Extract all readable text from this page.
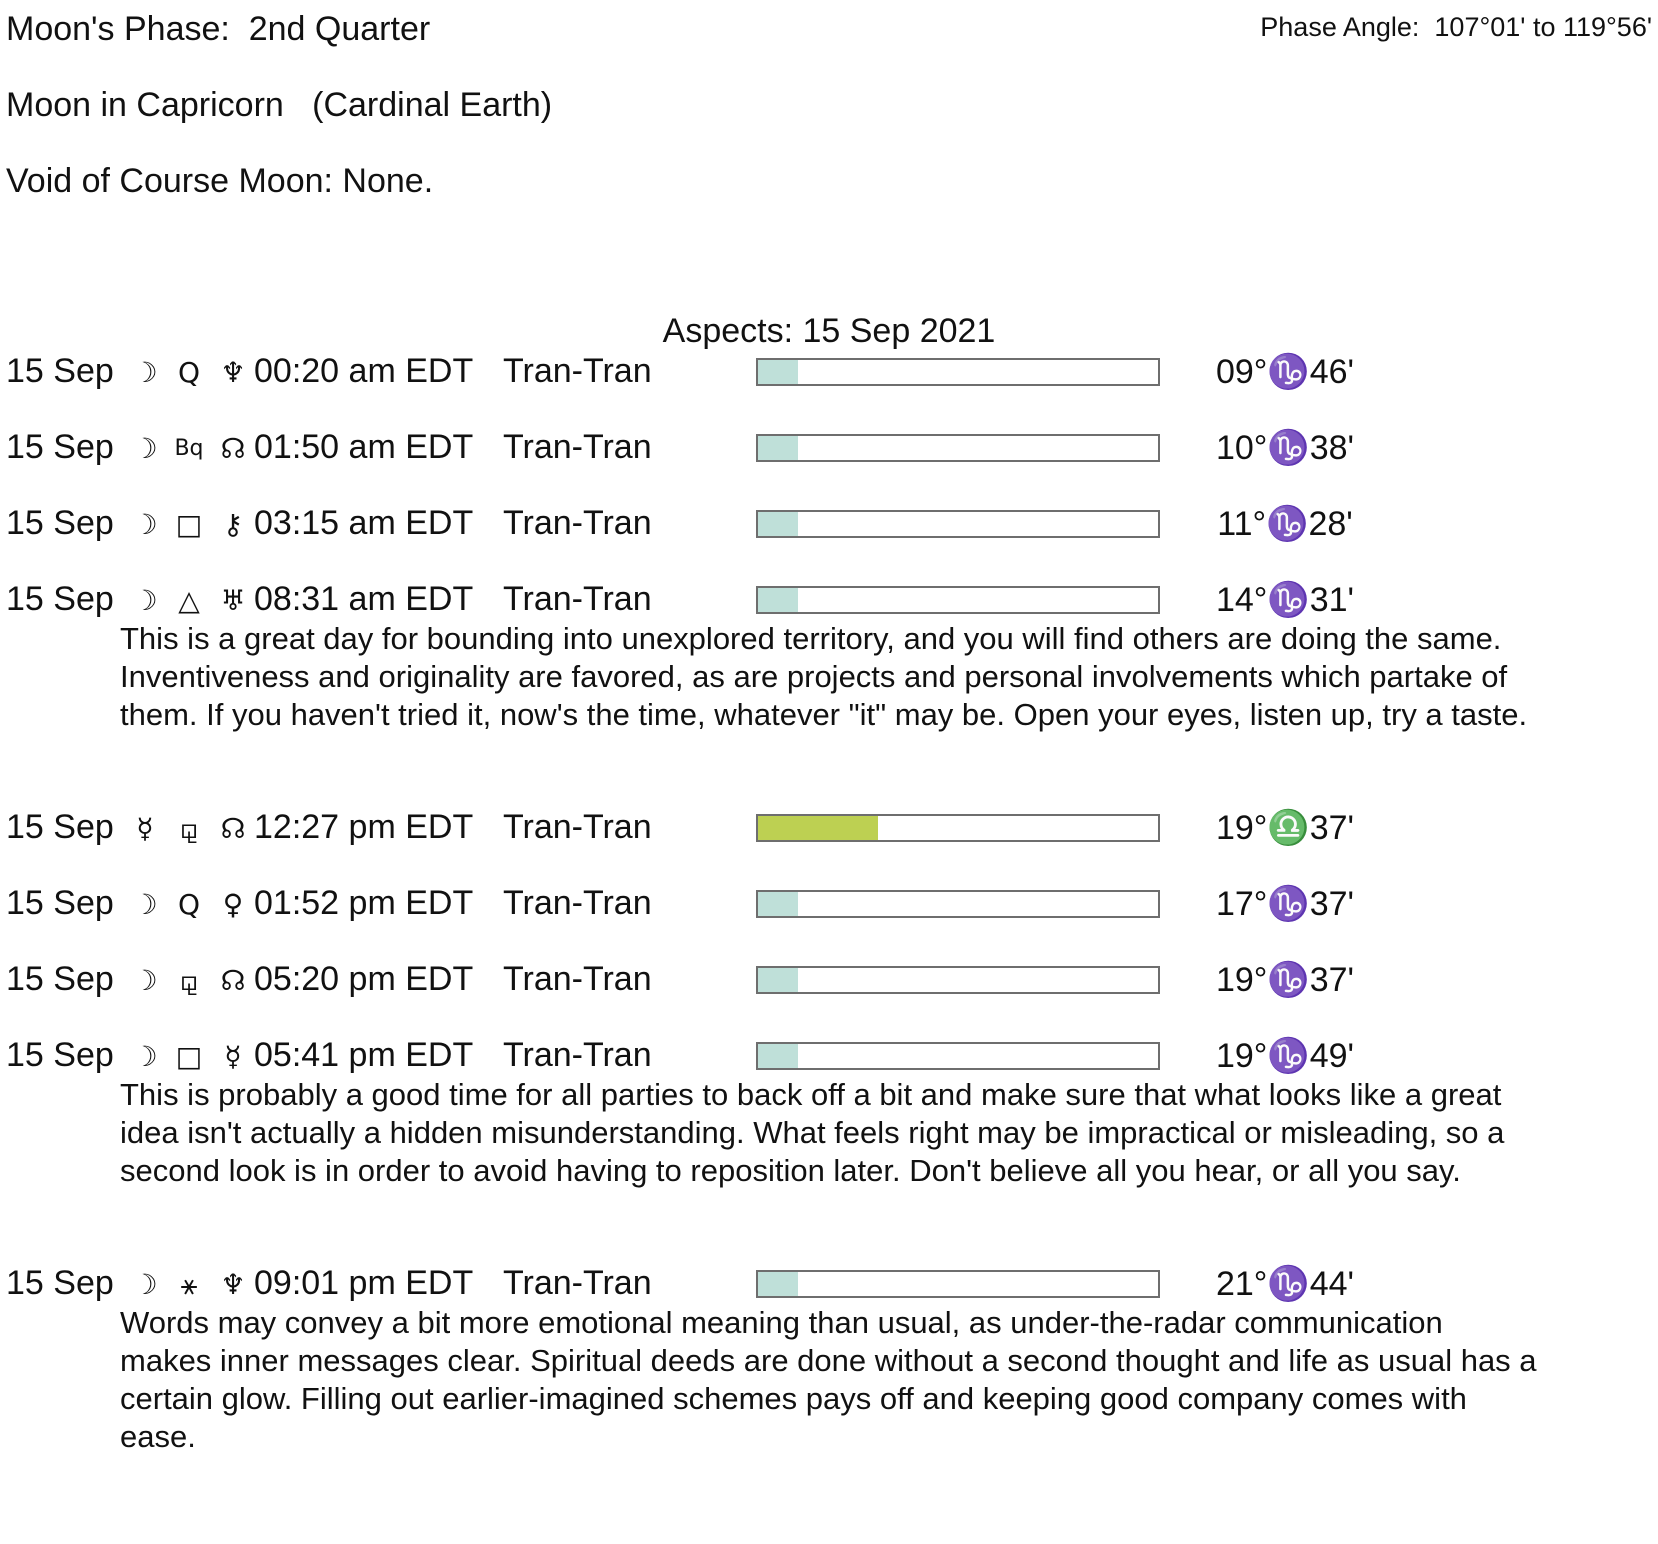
Moon's Phase:  2nd Quarter	Phase Angle:  107°01' to 119°56'
Moon in Capricorn   (Cardinal Earth)
Void of Course Moon: None.
Aspects: 15 Sep 2021
15 Sep ☽ Q ♆ 00:20 am EDT Tran-Tran	09°♑46'
15 Sep ☽ Bq ☊ 01:50 am EDT Tran-Tran	10°♑38'
15 Sep ☽ □ ⚷ 03:15 am EDT Tran-Tran	11°♑28'
15 Sep ☽ △ ♅ 08:31 am EDT Tran-Tran	14°♑31'
This is a great day for bounding into unexplored territory, and you will find others are doing the same. Inventiveness and originality are favored, as are projects and personal involvements which partake of them. If you haven't tried it, now's the time, whatever "it" may be. Open your eyes, listen up, try a taste.
15 Sep ☿ ⚼ ☊ 12:27 pm EDT Tran-Tran	19°♎37'
15 Sep ☽ Q ♀ 01:52 pm EDT Tran-Tran	17°♑37'
15 Sep ☽ ⚼ ☊ 05:20 pm EDT Tran-Tran	19°♑37'
15 Sep ☽ □ ☿ 05:41 pm EDT Tran-Tran	19°♑49'
This is probably a good time for all parties to back off a bit and make sure that what looks like a great idea isn't actually a hidden misunderstanding. What feels right may be impractical or misleading, so a second look is in order to avoid having to reposition later. Don't believe all you hear, or all you say.
15 Sep ☽ ⚹ ♆ 09:01 pm EDT Tran-Tran	21°♑44'
Words may convey a bit more emotional meaning than usual, as under-the-radar communication makes inner messages clear. Spiritual deeds are done without a second thought and life as usual has a certain glow. Filling out earlier-imagined schemes pays off and keeping good company comes with ease.
